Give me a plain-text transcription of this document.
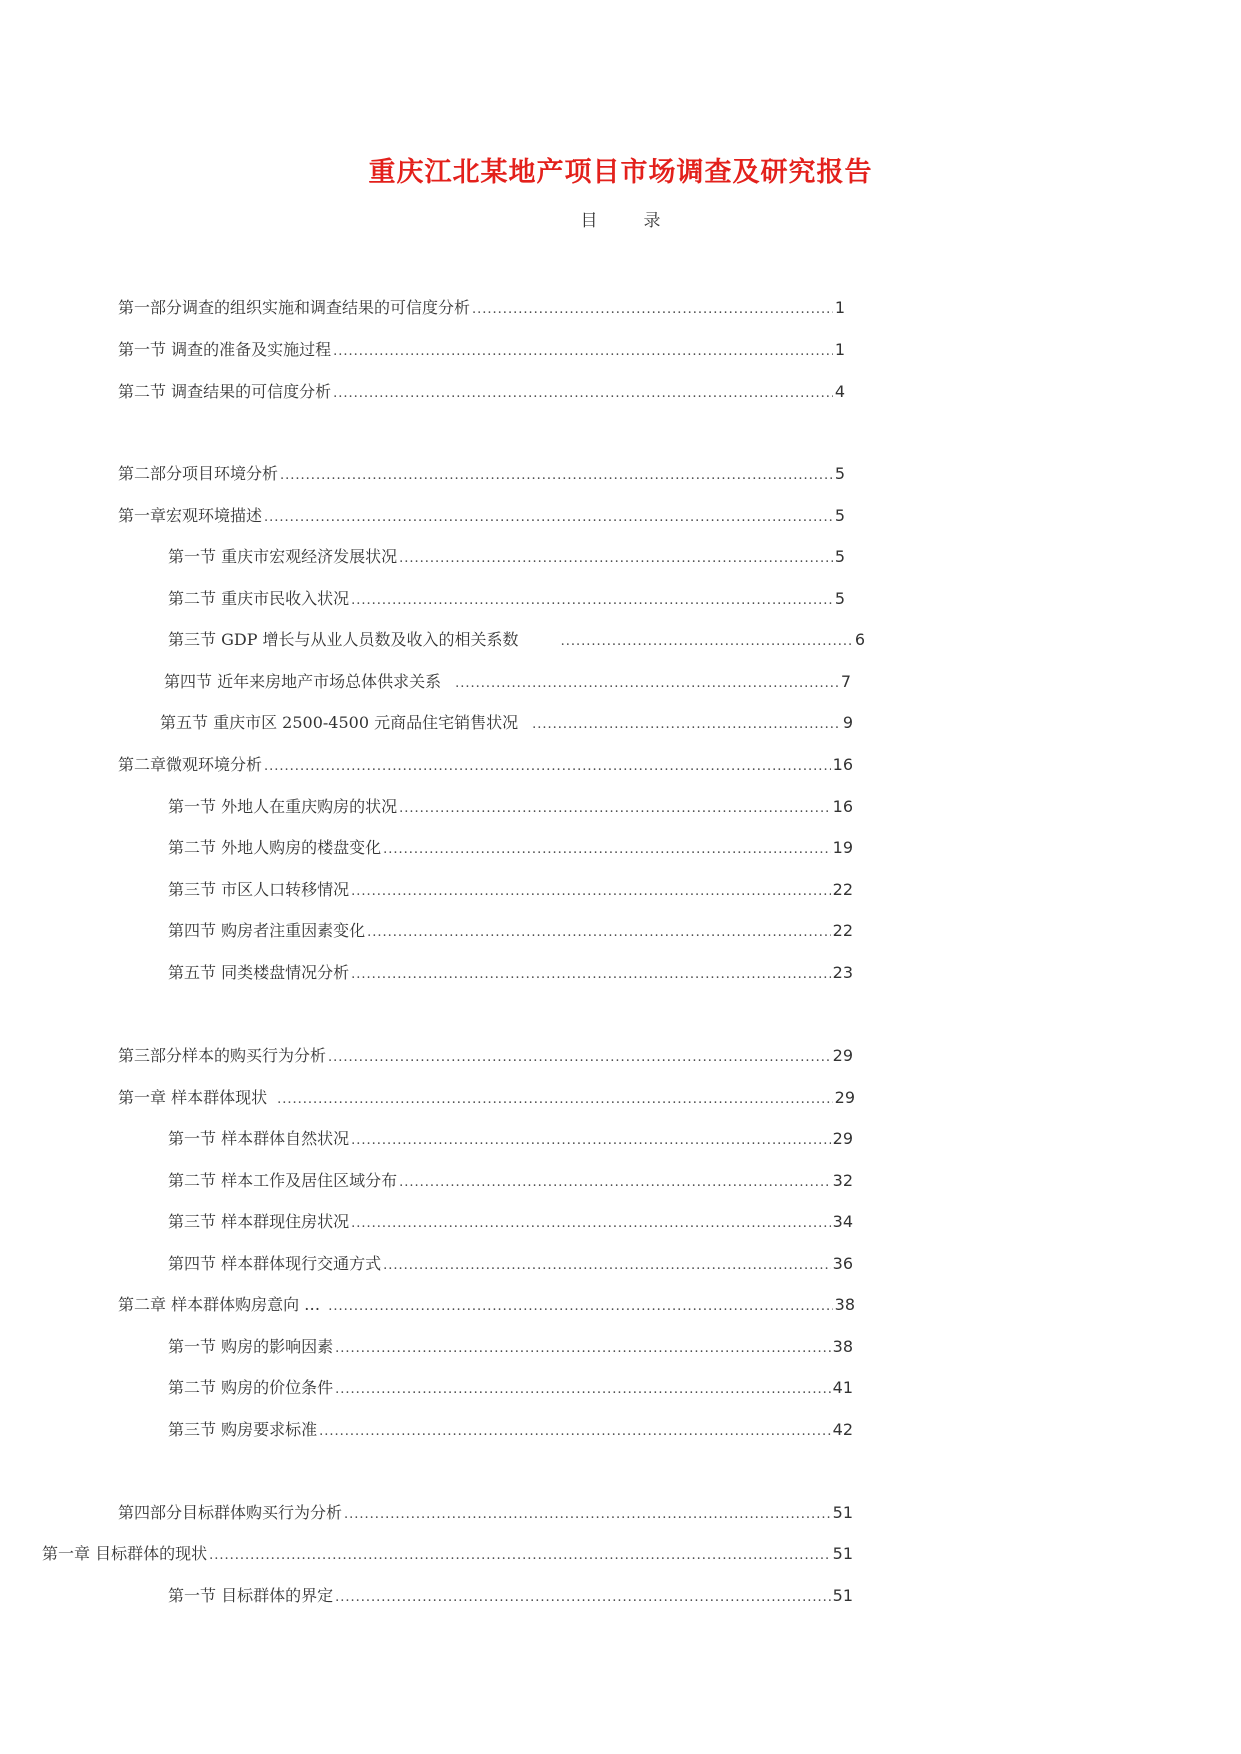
重庆江北某地产项目市场调查及研究报告
目录
第一部分调查的组织实施和调查结果的可信度分析 .....	1
第一节 调查的准备及实施过程 .....	1
第二节 调查结果的可信度分析 .....	4
第二部分项目环境分析 .....	5
第一章宏观环境描述 .....	5
第一节 重庆市宏观经济发展状况 .....	5
第二节 重庆市民收入状况 .....	5
第三节 GDP 增长与从业人员数及收入的相关系数 .....	6
第四节 近年来房地产市场总体供求关系 .....	7
第五节 重庆市区 2500-4500 元商品住宅销售状况 .....	9
第二章微观环境分析 .....	16
第一节 外地人在重庆购房的状况 .....	16
第二节 外地人购房的楼盘变化 .....	19
第三节 市区人口转移情况 .....	22
第四节 购房者注重因素变化 .....	22
第五节 同类楼盘情况分析 .....	23
第三部分样本的购买行为分析 .....	29
第一章 样本群体现状 .....	29
第一节 样本群体自然状况 .....	29
第二节 样本工作及居住区域分布 .....	32
第三节 样本群现住房状况 .....	34
第四节 样本群体现行交通方式 .....	36
第二章 样本群体购房意向 … .....	38
第一节 购房的影响因素 .....	38
第二节 购房的价位条件 .....	41
第三节 购房要求标准 .....	42
第四部分目标群体购买行为分析 .....	51
第一章 目标群体的现状 .....	51
第一节 目标群体的界定 .....	51
